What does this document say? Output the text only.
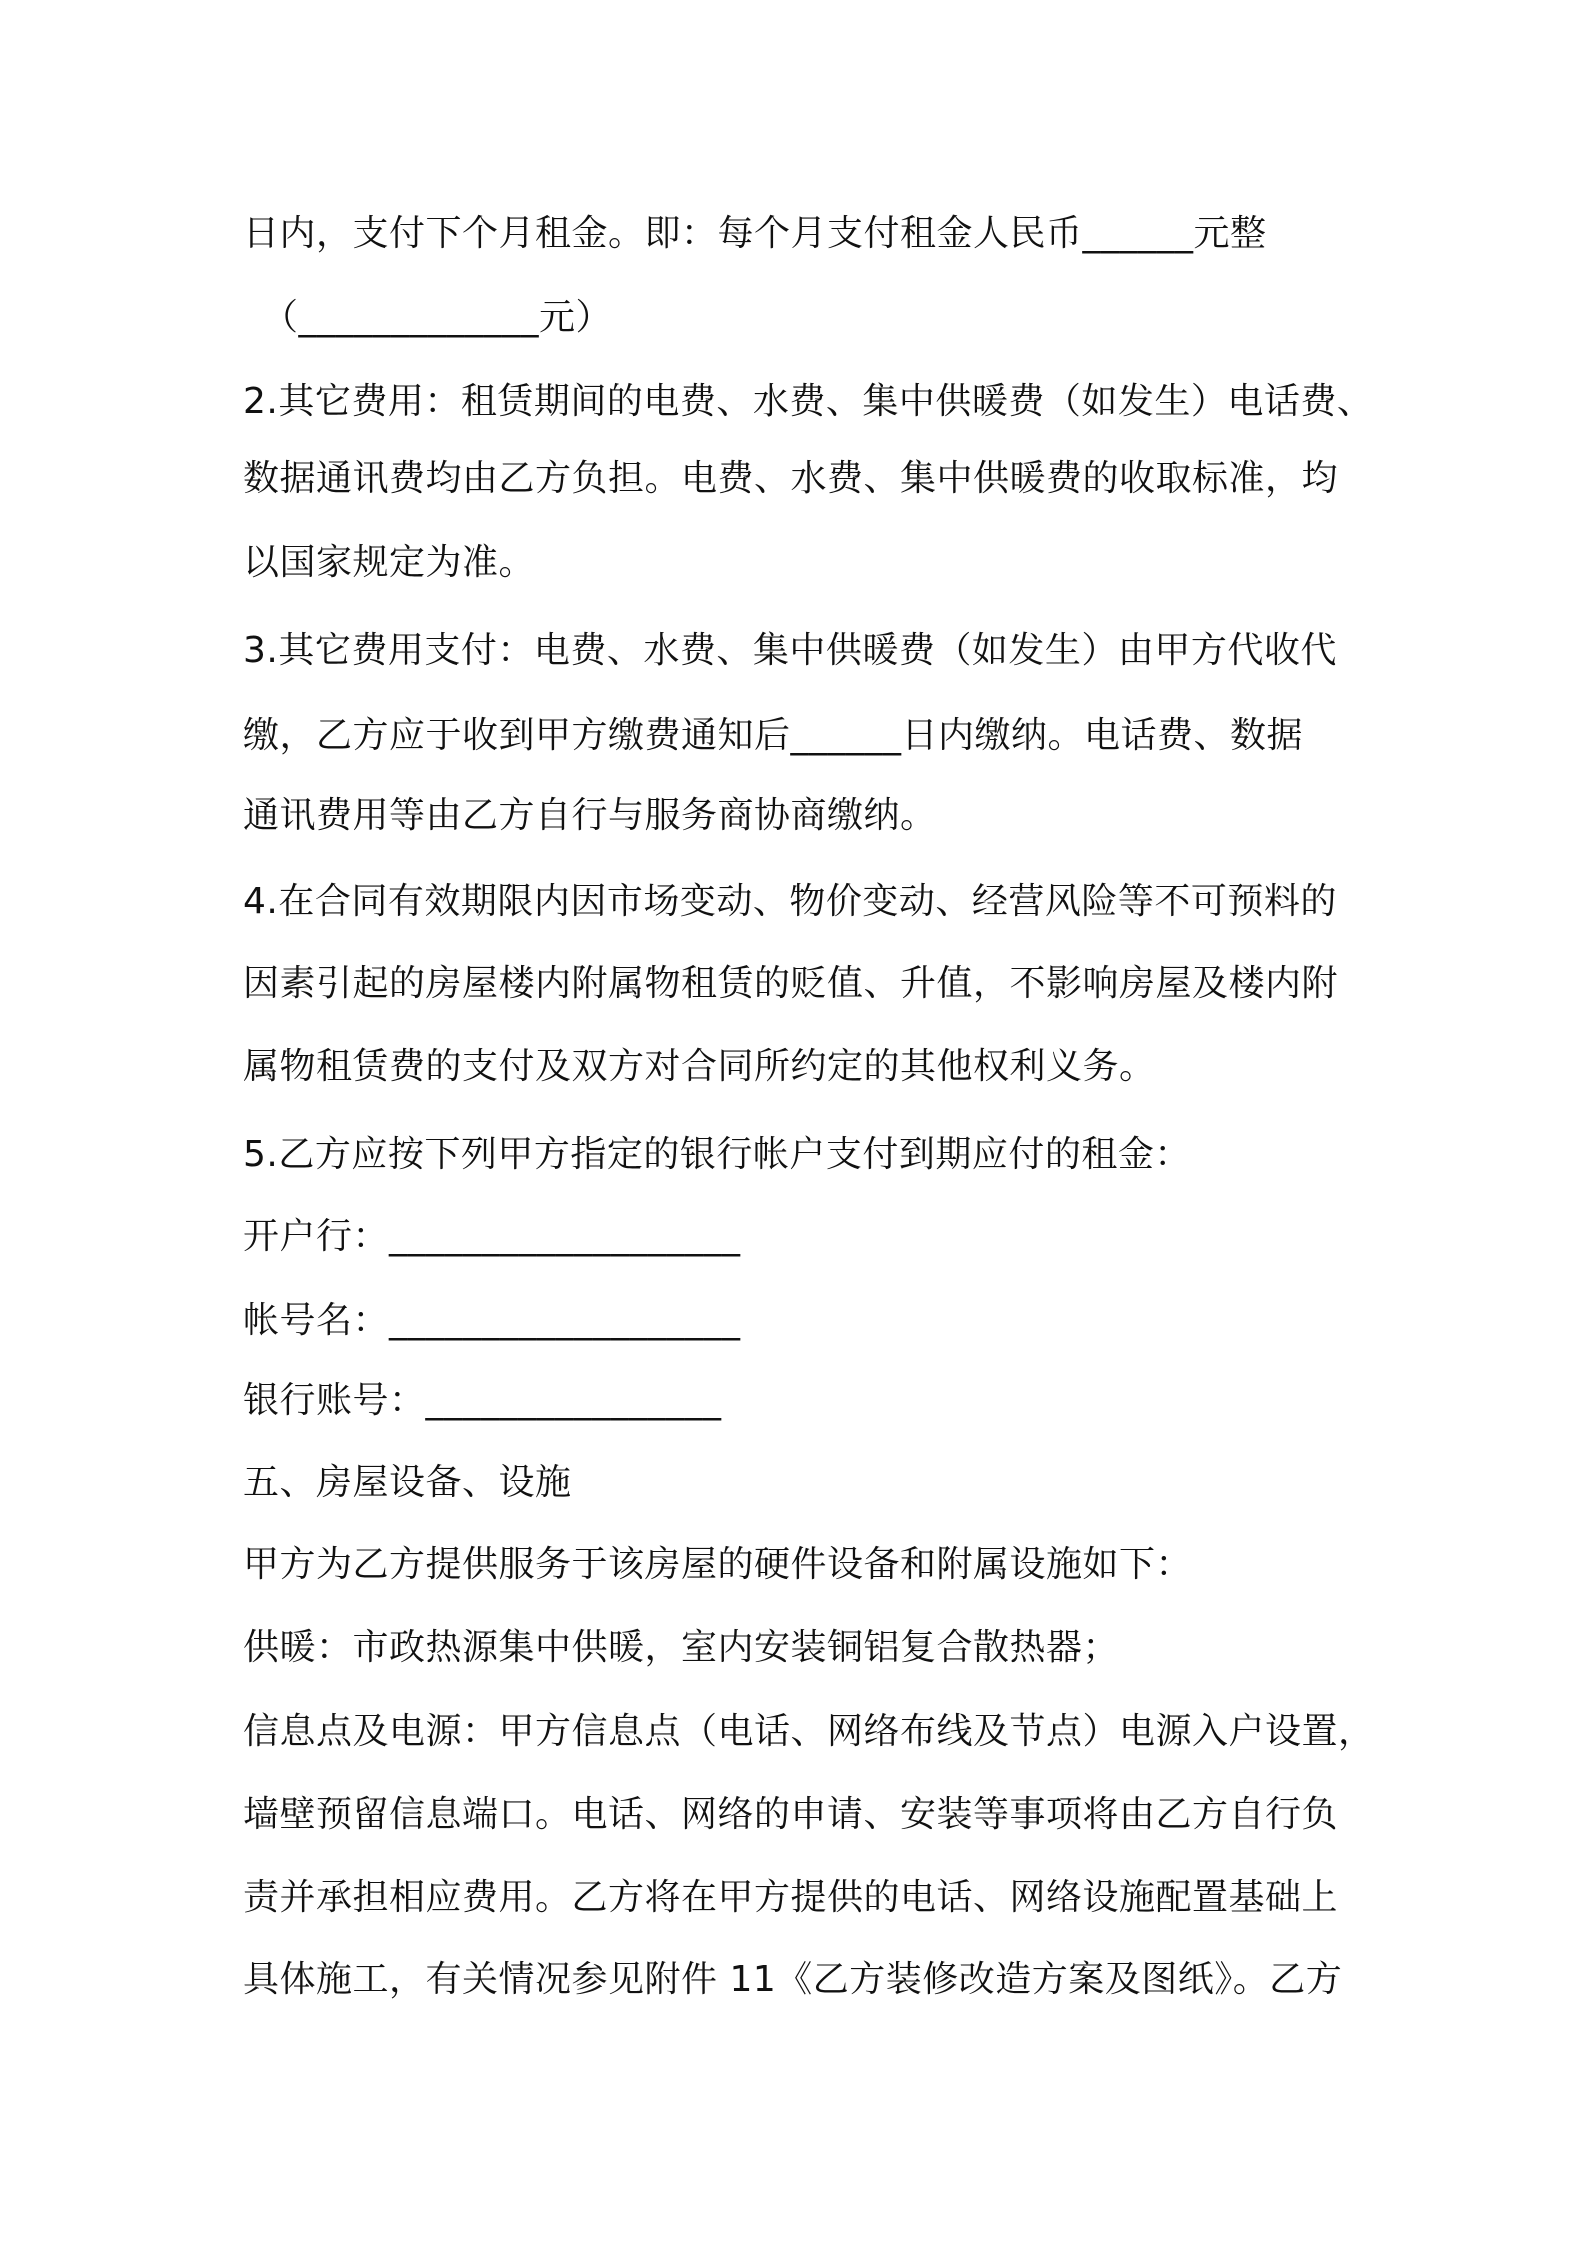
日内，支付下个月租金。即：每个月支付租金人民币______元整
（_____________元）
2.其它费用：租赁期间的电费、水费、集中供暖费（如发生）电话费、
数据通讯费均由乙方负担。电费、水费、集中供暖费的收取标准，均
以国家规定为准。
3.其它费用支付：电费、水费、集中供暖费（如发生）由甲方代收代
缴，乙方应于收到甲方缴费通知后______日内缴纳。电话费、数据
通讯费用等由乙方自行与服务商协商缴纳。
4.在合同有效期限内因市场变动、物价变动、经营风险等不可预料的
因素引起的房屋楼内附属物租赁的贬值、升值，不影响房屋及楼内附
属物租赁费的支付及双方对合同所约定的其他权利义务。
5.乙方应按下列甲方指定的银行帐户支付到期应付的租金：
开户行：___________________
帐号名：___________________
银行账号：________________
五、房屋设备、设施
甲方为乙方提供服务于该房屋的硬件设备和附属设施如下：
供暖：市政热源集中供暖，室内安装铜铝复合散热器；
信息点及电源：甲方信息点（电话、网络布线及节点）电源入户设置，
墙壁预留信息端口。电话、网络的申请、安装等事项将由乙方自行负
责并承担相应费用。乙方将在甲方提供的电话、网络设施配置基础上
具体施工，有关情况参见附件 11《乙方装修改造方案及图纸》。乙方
